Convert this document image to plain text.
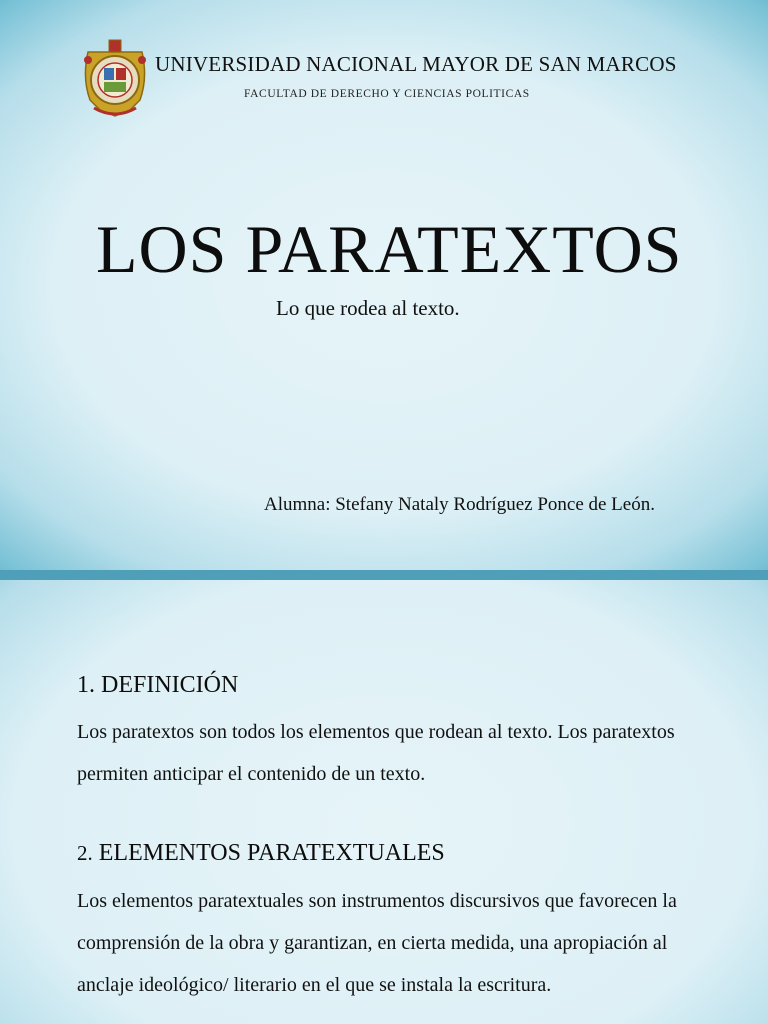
UNIVERSIDAD NACIONAL MAYOR DE SAN MARCOS
FACULTAD DE DERECHO Y CIENCIAS POLITICAS
LOS PARATEXTOS
Lo que rodea al texto.
Alumna: Stefany Nataly Rodríguez Ponce de León.
1. DEFINICIÓN
Los paratextos son todos los elementos que rodean al texto. Los paratextos permiten anticipar el contenido de un texto.
2. ELEMENTOS PARATEXTUALES
Los elementos paratextuales son instrumentos discursivos que favorecen la comprensión de la obra y garantizan, en cierta medida, una apropiación al anclaje ideológico/ literario en el que se instala la escritura.
